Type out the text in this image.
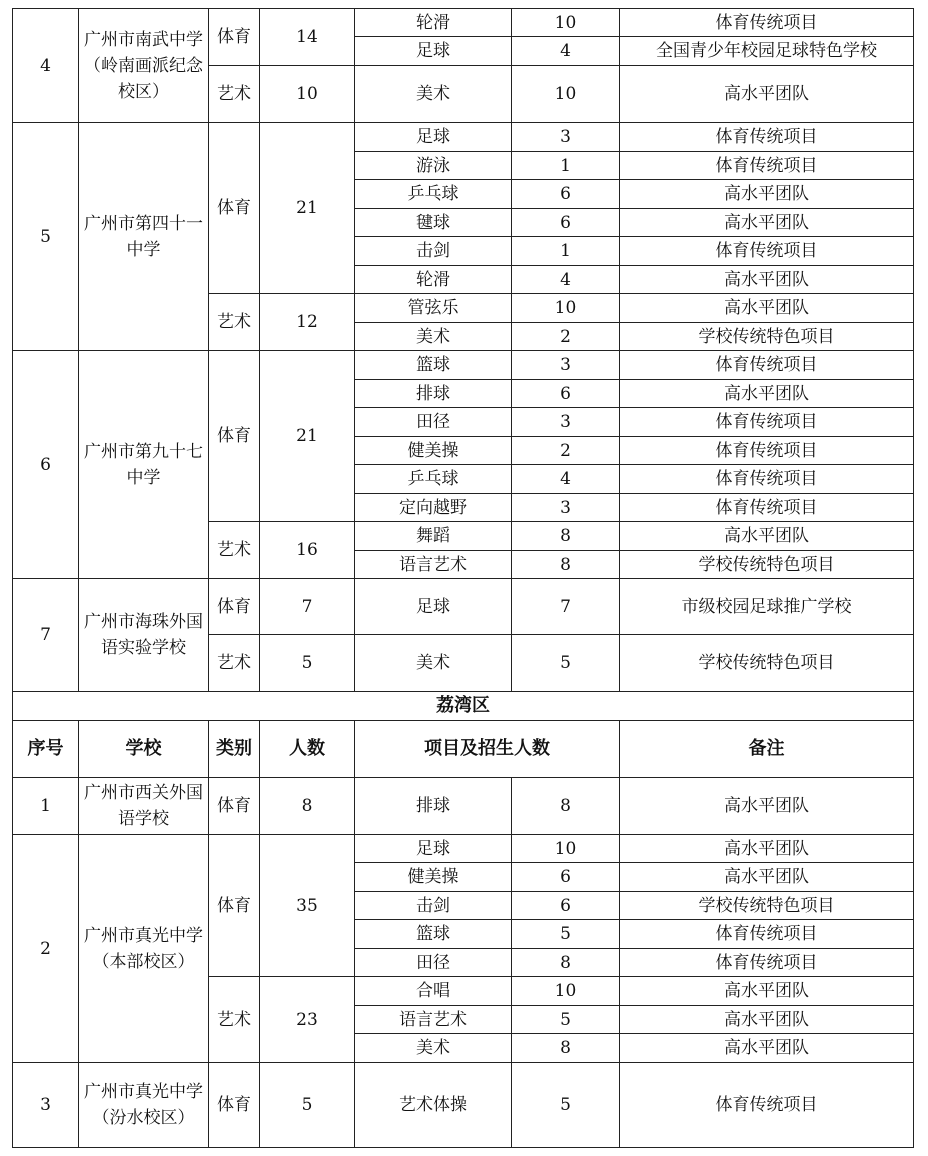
4	广州市南武中学（岭南画派纪念校区）	体育	14	轮滑	10	体育传统项目
				足球	4	全国青少年校园足球特色学校
		艺术	10	美术	10	高水平团队
5	广州市第四十一中学	体育	21	足球	3	体育传统项目
				游泳	1	体育传统项目
				乒乓球	6	高水平团队
				毽球	6	高水平团队
				击剑	1	体育传统项目
				轮滑	4	高水平团队
		艺术	12	管弦乐	10	高水平团队
				美术	2	学校传统特色项目
6	广州市第九十七中学	体育	21	篮球	3	体育传统项目
				排球	6	高水平团队
				田径	3	体育传统项目
				健美操	2	体育传统项目
				乒乓球	4	体育传统项目
				定向越野	3	体育传统项目
		艺术	16	舞蹈	8	高水平团队
				语言艺术	8	学校传统特色项目
7	广州市海珠外国语实验学校	体育	7	足球	7	市级校园足球推广学校
		艺术	5	美术	5	学校传统特色项目
荔湾区						
序号	学校	类别	人数	项目及招生人数		备注
1	广州市西关外国语学校	体育	8	排球	8	高水平团队
2	广州市真光中学（本部校区）	体育	35	足球	10	高水平团队
				健美操	6	高水平团队
				击剑	6	学校传统特色项目
				篮球	5	体育传统项目
				田径	8	体育传统项目
		艺术	23	合唱	10	高水平团队
				语言艺术	5	高水平团队
				美术	8	高水平团队
3	广州市真光中学（汾水校区）	体育	5	艺术体操	5	体育传统项目
